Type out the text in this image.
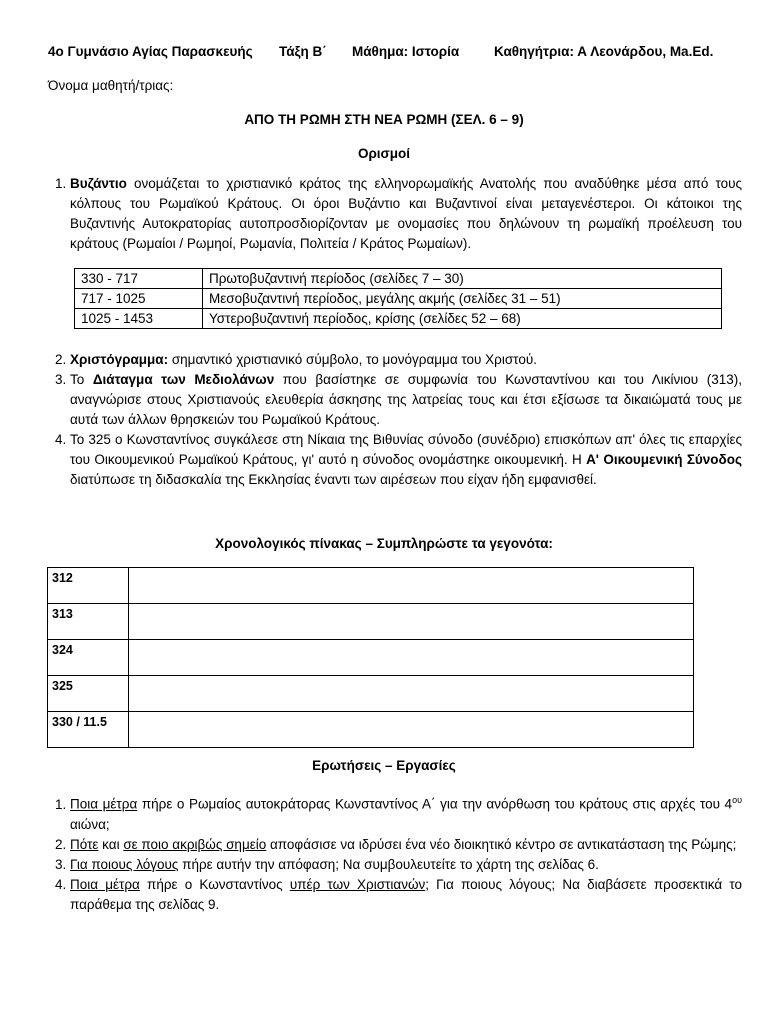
4ο Γυμνάσιο Αγίας Παρασκευής Τάξη Β΄ Μάθημα: Ιστορία	Καθηγήτρια: Α Λεονάρδου, Ma.Ed.
Όνομα μαθητή/τριας:
ΑΠΟ ΤΗ ΡΩΜΗ ΣΤΗ ΝΕΑ ΡΩΜΗ (ΣΕΛ. 6 – 9)
Ορισμοί
1. Βυζάντιο ονομάζεται το χριστιανικό κράτος της ελληνορωμαϊκής Ανατολής που αναδύθηκε μέσα από τους κόλπους του Ρωμαϊκού Κράτους. Οι όροι Βυζάντιο και Βυζαντινοί είναι μεταγενέστεροι. Οι κάτοικοι της Βυζαντινής Αυτοκρατορίας αυτοπροσδιορίζονταν με ονομασίες που δηλώνουν τη ρωμαϊκή προέλευση του κράτους (Ρωμαίοι / Ρωμηοί, Ρωμανία, Πολιτεία / Κράτος Ρωμαίων).
330 - 717	Πρωτοβυζαντινή περίοδος (σελίδες 7 – 30)
717 - 1025	Μεσοβυζαντινή περίοδος, μεγάλης ακμής (σελίδες 31 – 51)
1025 - 1453	Υστεροβυζαντινή περίοδος, κρίσης (σελίδες 52 – 68)
2. Χριστόγραμμα: σημαντικό χριστιανικό σύμβολο, το μονόγραμμα του Χριστού.
3. Το Διάταγμα των Μεδιολάνων που βασίστηκε σε συμφωνία του Κωνσταντίνου και του Λικίνιου (313), αναγνώρισε στους Χριστιανούς ελευθερία άσκησης της λατρείας τους και έτσι εξίσωσε τα δικαιώματά τους με αυτά των άλλων θρησκειών του Ρωμαϊκού Κράτους.
4. Το 325 ο Κωνσταντίνος συγκάλεσε στη Νίκαια της Βιθυνίας σύνοδο (συνέδριο) επισκόπων απ' όλες τις επαρχίες του Οικουμενικού Ρωμαϊκού Κράτους, γι' αυτό η σύνοδος ονομάστηκε οικουμενική. Η Α' Οικουμενική Σύνοδος διατύπωσε τη διδασκαλία της Εκκλησίας έναντι των αιρέσεων που είχαν ήδη εμφανισθεί.
Χρονολογικός πίνακας – Συμπληρώστε τα γεγονότα:
312	
313	
324	
325	
330 / 11.5	
Ερωτήσεις – Εργασίες
1. Ποια μέτρα πήρε ο Ρωμαίος αυτοκράτορας Κωνσταντίνος Α΄ για την ανόρθωση του κράτους στις αρχές του $4^{o\upsilon}$ αιώνα;
2. Πότε και σε ποιο ακριβώς σημείο αποφάσισε να ιδρύσει ένα νέο διοικητικό κέντρο σε αντικατάσταση της Ρώμης;
3. Για ποιους λόγους πήρε αυτήν την απόφαση; Να συμβουλευτείτε το χάρτη της σελίδας 6.
4. Ποια μέτρα πήρε ο Κωνσταντίνος υπέρ των Χριστιανών; Για ποιους λόγους; Να διαβάσετε προσεκτικά το παράθεμα της σελίδας 9.
